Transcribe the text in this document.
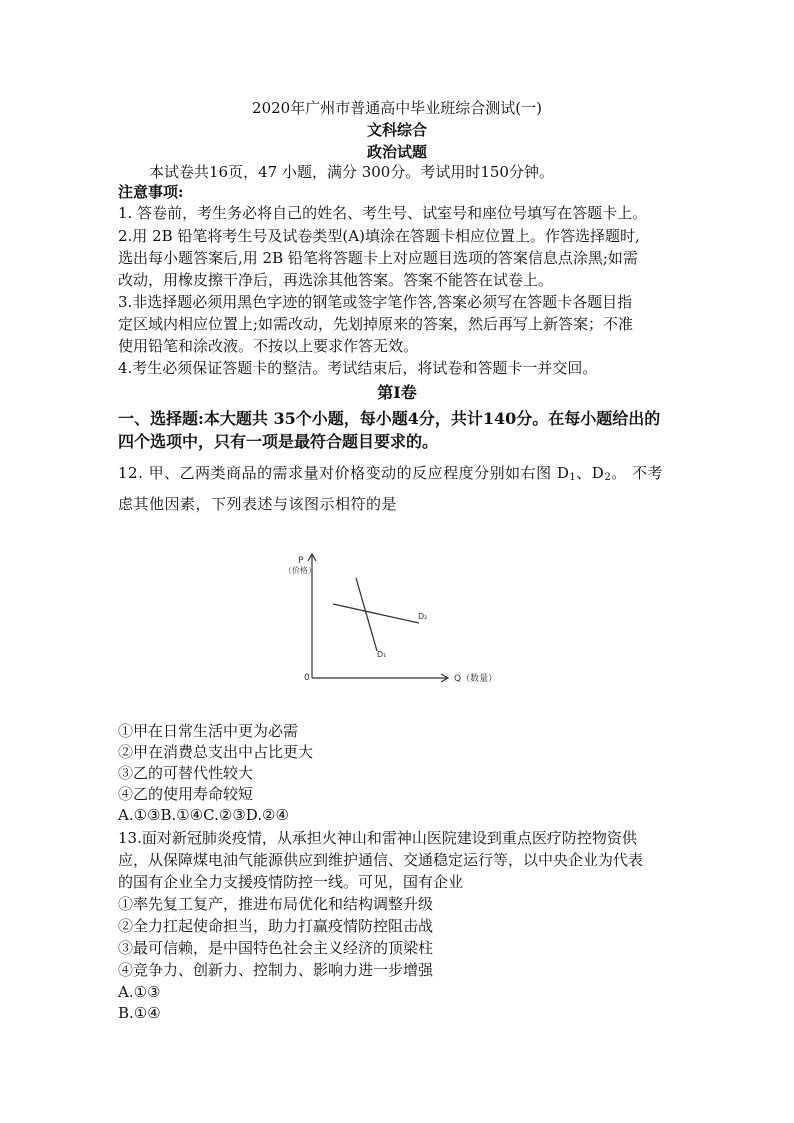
2020年广州市普通高中毕业班综合测试(一)
文科综合
政治试题
本试卷共16页，47 小题，满分 300分。考试用时150分钟。
注意事项:
1. 答卷前，考生务必将自己的姓名、考生号、试室号和座位号填写在答题卡上。
2.用 2B 铅笔将考生号及试卷类型(A)填涂在答题卡相应位置上。作答选择题时,
选出每小题答案后,用 2B 铅笔将答题卡上对应题目选项的答案信息点涂黑;如需
改动，用橡皮擦干净后，再选涂其他答案。答案不能答在试卷上。
3.非选择题必须用黑色字迹的钢笔或签字笔作答,答案必须写在答题卡各题目指
定区域内相应位置上;如需改动，先划掉原来的答案，然后再写上新答案；不准
使用铅笔和涂改液。不按以上要求作答无效。
4.考生必须保证答题卡的整洁。考试结束后，将试卷和答题卡一并交回。
第Ⅰ卷
一、选择题:本大题共 35个小题，每小题4分，共计140分。在每小题给出的
四个选项中，只有一项是最符合题目要求的。
12. 甲、乙两类商品的需求量对价格变动的反应程度分别如右图 $D_1$、$D_2$。 不考
虑其他因素，下列表述与该图示相符的是
P
（价格）
Q（数量）
0
D₁
D₂
①甲在日常生活中更为必需
②甲在消费总支出中占比更大
③乙的可替代性较大
④乙的使用寿命较短
A.①③B.①④C.②③D.②④
13.面对新冠肺炎疫情，从承担火神山和雷神山医院建设到重点医疗防控物资供
应，从保障煤电油气能源供应到维护通信、交通稳定运行等，以中央企业为代表
的国有企业全力支援疫情防控一线。可见，国有企业
①率先复工复产，推进布局优化和结构调整升级
②全力扛起使命担当，助力打赢疫情防控阻击战
③最可信赖，是中国特色社会主义经济的顶梁柱
④竞争力、创新力、控制力、影响力进一步增强
A.①③
B.①④
